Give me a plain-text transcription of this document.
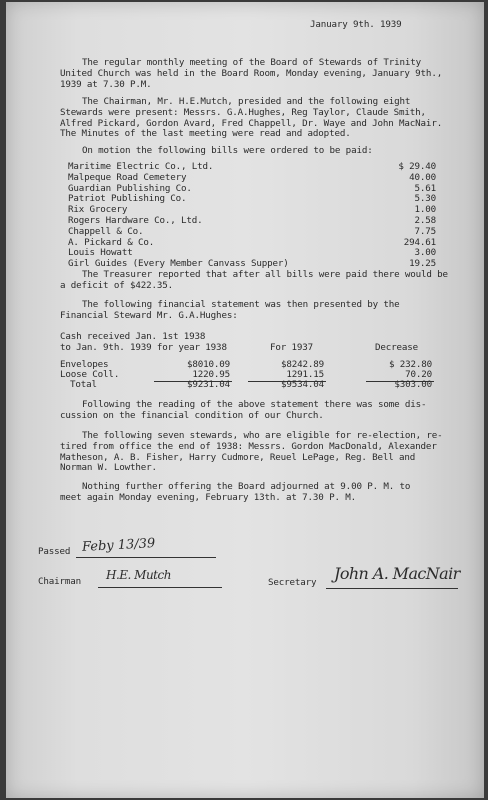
January 9th. 1939

The regular monthly meeting of the Board of Stewards of Trinity
United Church was held in the Board Room, Monday evening, January 9th.,
1939 at 7.30 P.M.

The Chairman, Mr. H.E.Mutch, presided and the following eight
Stewards were present: Messrs. G.A.Hughes, Reg Taylor, Claude Smith,
Alfred Pickard, Gordon Avard, Fred Chappell, Dr. Waye and John MacNair.
The Minutes of the last meeting were read and adopted.

On motion the following bills were ordered to be paid:

Maritime Electric Co., Ltd.	$ 29.40
Malpeque Road Cemetery	40.00
Guardian Publishing Co.	5.61
Patriot Publishing Co.	5.30
Rix Grocery	1.00
Rogers Hardware Co., Ltd.	2.58
Chappell & Co.	7.75
A. Pickard & Co.	294.61
Louis Howatt	3.00
Girl Guides (Every Member Canvass Supper)	19.25

The Treasurer reported that after all bills were paid there would be
a deficit of $422.35.

The following financial statement was then presented by the
Financial Steward Mr. G.A.Hughes:

Cash received Jan. 1st 1938
to Jan. 9th. 1939 for year 1938	For 1937	Decrease

Envelopes	$8010.09	$8242.89	$ 232.80

Loose Coll.	1220.95	1291.15	70.20

Total	$9231.04	$9534.04	$303.00

Following the reading of the above statement there was some dis-
cussion on the financial condition of our Church.

The following seven stewards, who are eligible for re-election, re-
tired from office the end of 1938: Messrs. Gordon MacDonald, Alexander
Matheson, A. B. Fisher, Harry Cudmore, Reuel LePage, Reg. Bell and
Norman W. Lowther.

Nothing further offering the Board adjourned at 9.00 P. M. to
meet again Monday evening, February 13th. at 7.30 P. M.

Passed Feby 13/39

Chairman H.E. Mutch

Secretary John A. MacNair
